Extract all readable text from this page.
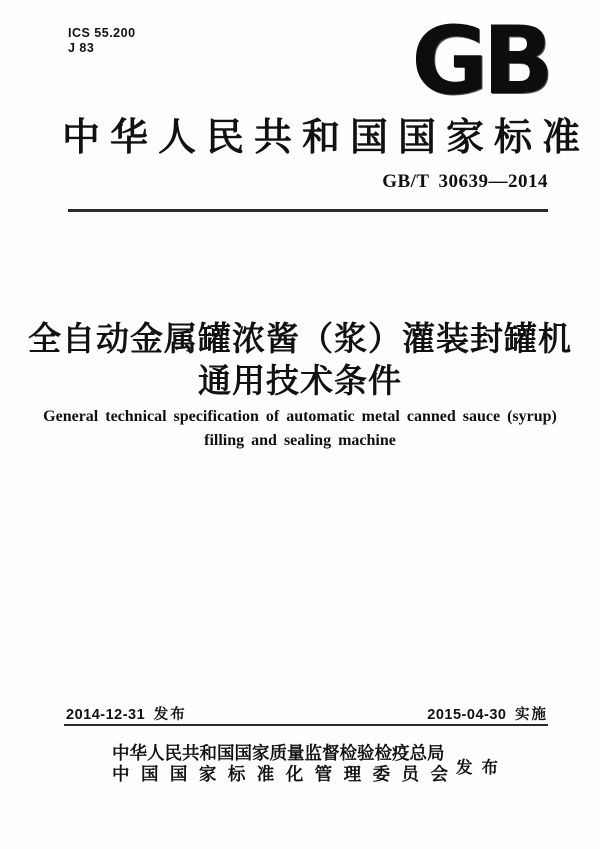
ICS 55.200
J 83	GB
中华人民共和国国家标准
GB/T 30639—2014
全自动金属罐浓酱（浆）灌装封罐机
通用技术条件
General technical specification of automatic metal canned sauce (syrup)
filling and sealing machine
2014-12-31 发布	2015-04-30 实施
中华人民共和国国家质量监督检验检疫总局
中国国家标准化管理委员会 发布
